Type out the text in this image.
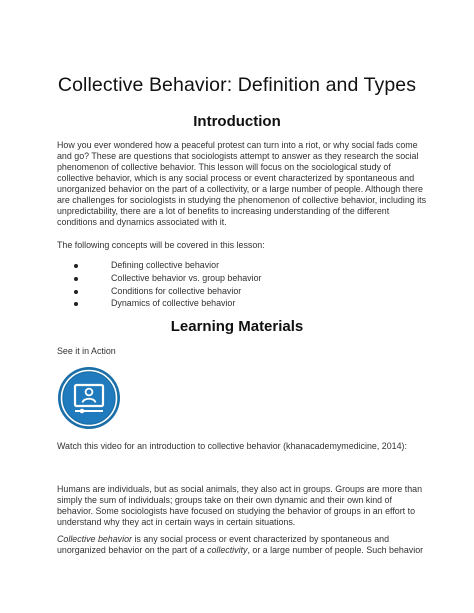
Collective Behavior: Definition and Types
Introduction

How you ever wondered how a peaceful protest can turn into a riot, or why social fads come and go? These are questions that sociologists attempt to answer as they research the social phenomenon of collective behavior. This lesson will focus on the sociological study of collective behavior, which is any social process or event characterized by spontaneous and unorganized behavior on the part of a collectivity, or a large number of people. Although there are challenges for sociologists in studying the phenomenon of collective behavior, including its unpredictability, there are a lot of benefits to increasing understanding of the different conditions and dynamics associated with it.

The following concepts will be covered in this lesson:

Defining collective behavior
Collective behavior vs. group behavior
Conditions for collective behavior
Dynamics of collective behavior
Learning Materials

See it in Action

Watch this video for an introduction to collective behavior (khanacademymedicine, 2014):

Humans are individuals, but as social animals, they also act in groups. Groups are more than simply the sum of individuals; groups take on their own dynamic and their own kind of behavior. Some sociologists have focused on studying the behavior of groups in an effort to understand why they act in certain ways in certain situations.

Collective behavior is any social process or event characterized by spontaneous and unorganized behavior on the part of a collectivity, or a large number of people. Such behavior
